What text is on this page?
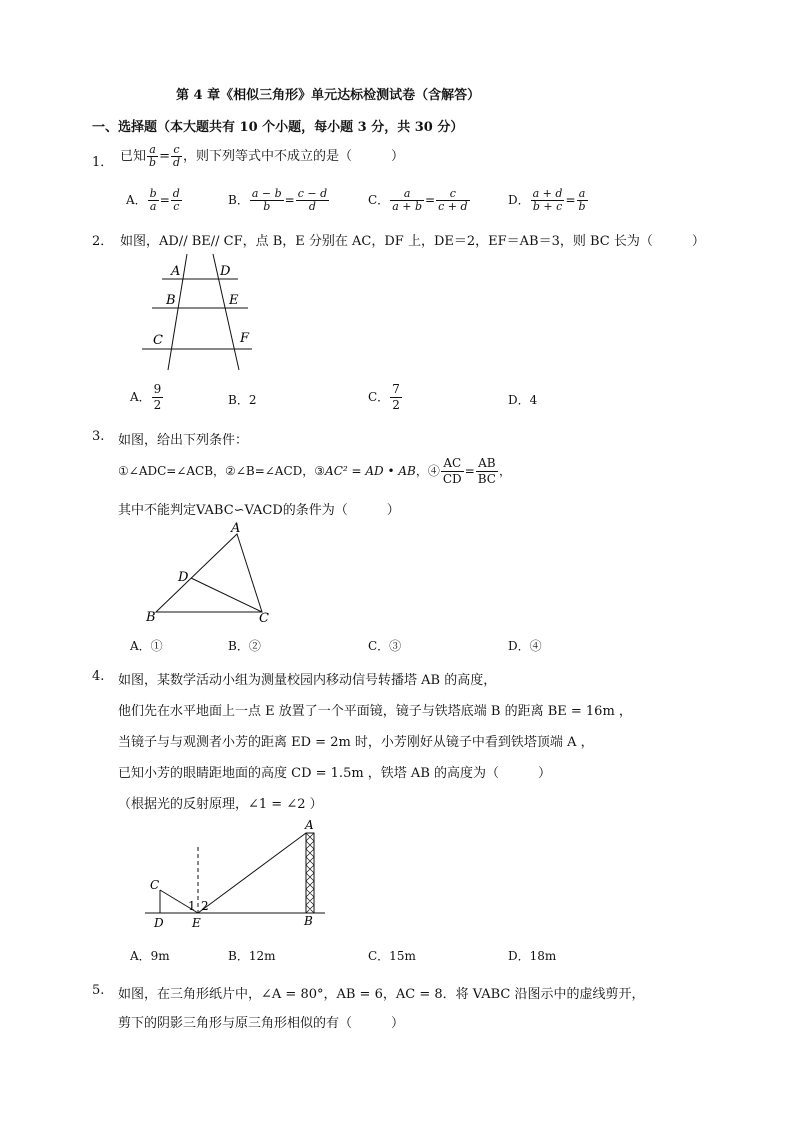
第 4 章《相似三角形》单元达标检测试卷（含解答）
一、选择题（本大题共有 10 个小题，每小题 3 分，共 30 分）
1． 已知 $\frac{a}{b} = \frac{c}{d}$ ，则下列等式中不成立的是（　　　）
A． $\frac{b}{a} = \frac{d}{c}$	B． $\frac{a - b}{b} = \frac{c - d}{d}$	C． $\frac{a}{a + b} = \frac{c}{c + d}$	D． $\frac{a + d}{b + c} = \frac{a}{b}$
2． 如图，AD// BE// CF，点 B，E 分别在 AC，DF 上，DE＝2，EF＝AB＝3，则 BC 长为（　　　）
A	D
B	E
C	F
A． $\frac{9}{2}$	B．2	C． $\frac{7}{2}$	D．4
3. 如图，给出下列条件：
①∠ADC=∠ACB，②∠B=∠ACD，③AC² = AD • AB，④ $\frac{AC}{CD} = \frac{AB}{BC}$ ，
其中不能判定VABC∽VACD的条件为（　　　）
A
D
B	C
A．①	B．②	C．③	D．④
4. 如图，某数学活动小组为测量校园内移动信号转播塔 AB 的高度，
他们先在水平地面上一点 E 放置了一个平面镜，镜子与铁塔底端 B 的距离 BE = 16m ，
当镜子与与观测者小芳的距离 ED = 2m 时，小芳刚好从镜子中看到铁塔顶端 A ，
已知小芳的眼睛距地面的高度 CD = 1.5m ，铁塔 AB 的高度为（　　　）
（根据光的反射原理，∠1 = ∠2 ）
A
C
D E	B
1 2
A．9m	B．12m	C．15m	D．18m
5. 如图，在三角形纸片中，∠A = 80°，AB = 6，AC = 8．将 VABC 沿图示中的虚线剪开，
剪下的阴影三角形与原三角形相似的有（　　　）
